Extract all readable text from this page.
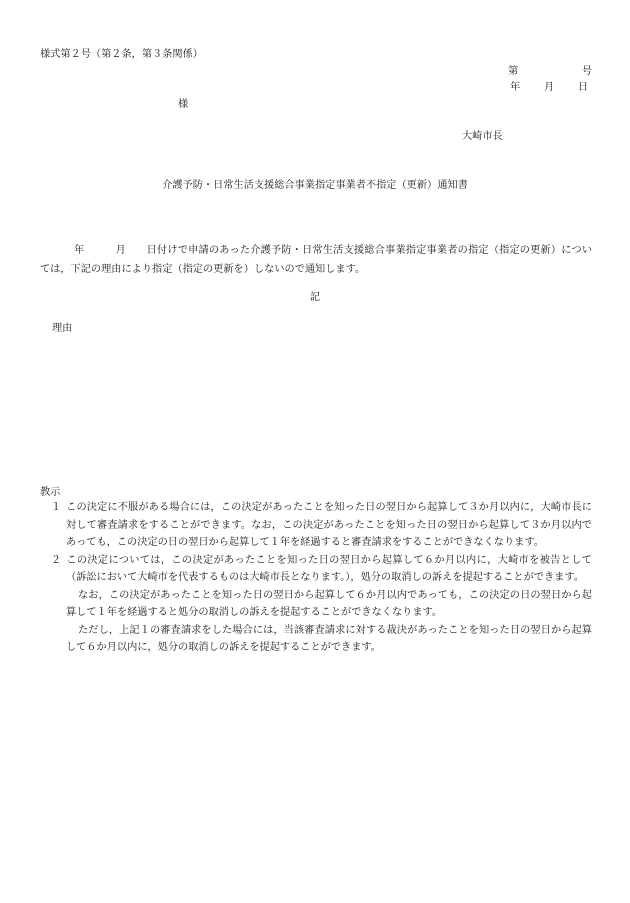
様式第２号（第２条，第３条関係）
第	号
年 月 日
様
大崎市長
介護予防・日常生活支援総合事業指定事業者不指定（更新）通知書
年　　　	月　　 日付けで申請のあった介護予防・日常生活支援総合事業指定事業者の指定（指定の更新）については，下記の理由により指定（指定の更新を）しないので通知します。
記
理由
教示
１ この決定に不服がある場合には，この決定があったことを知った日の翌日から起算して３か月以内に，大崎市長に対して審査請求をすることができます。なお，この決定があったことを知った日の翌日から起算して３か月以内であっても，この決定の日の翌日から起算して１年を経過すると審査請求をすることができなくなります。
２ この決定については，この決定があったことを知った日の翌日から起算して６か月以内に，大崎市を被告として（訴訟において大崎市を代表するものは大崎市長となります。），処分の取消しの訴えを提起することができます。
なお，この決定があったことを知った日の翌日から起算して６か月以内であっても，この決定の日の翌日から起算して１年を経過すると処分の取消しの訴えを提起することができなくなります。
ただし，上記１の審査請求をした場合には，当該審査請求に対する裁決があったことを知った日の翌日から起算して６か月以内に，処分の取消しの訴えを提起することができます。
